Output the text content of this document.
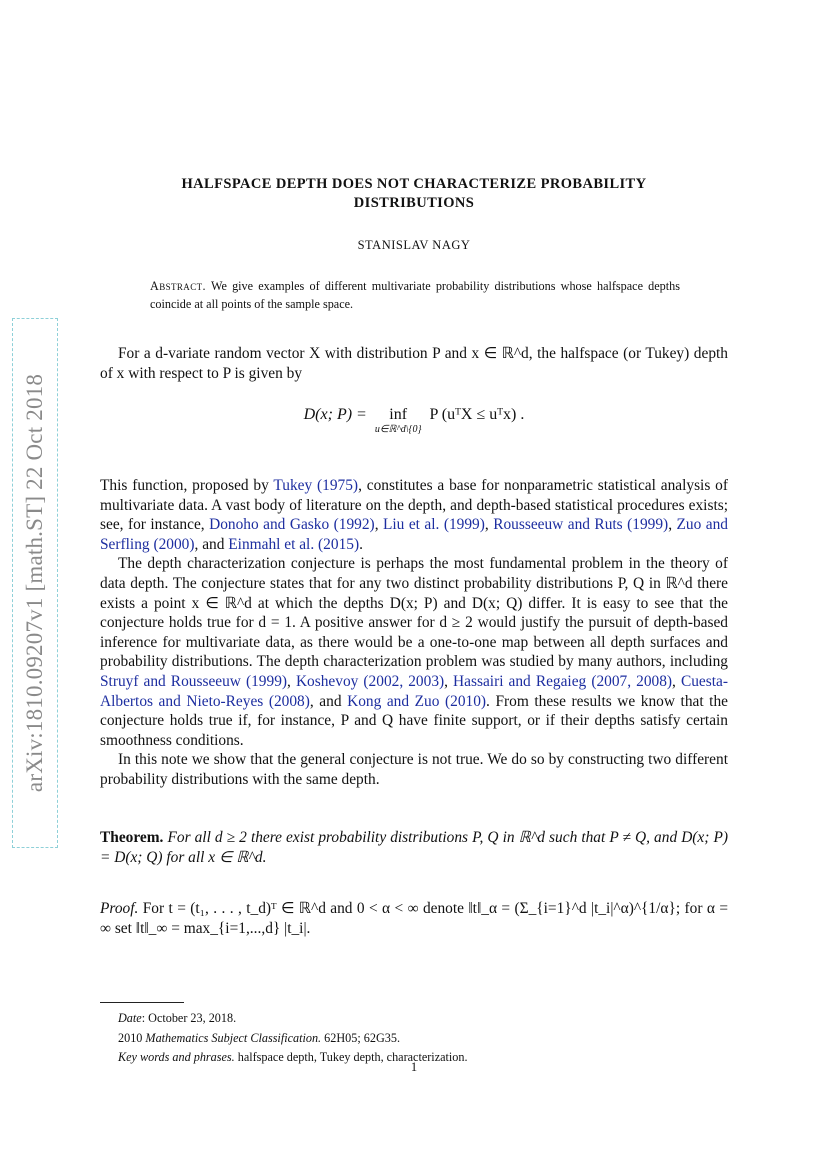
arXiv:1810.09207v1 [math.ST] 22 Oct 2018
HALFSPACE DEPTH DOES NOT CHARACTERIZE PROBABILITY
DISTRIBUTIONS
STANISLAV NAGY
Abstract. We give examples of different multivariate probability distributions whose halfspace depths coincide at all points of the sample space.

For a d-variate random vector X with distribution P and x ∈ ℝ^d, the halfspace (or Tukey) depth of x with respect to P is given by

D(x; P) = inf
u∈ℝ^d\{0}
P (uᵀX ≤ uᵀx) .

This function, proposed by Tukey (1975), constitutes a base for nonparametric statistical analysis of multivariate data. A vast body of literature on the depth, and depth-based statistical procedures exists; see, for instance, Donoho and Gasko (1992), Liu et al. (1999), Rousseeuw and Ruts (1999), Zuo and Serfling (2000), and Einmahl et al. (2015).

The depth characterization conjecture is perhaps the most fundamental problem in the theory of data depth. The conjecture states that for any two distinct probability distributions P, Q in ℝ^d there exists a point x ∈ ℝ^d at which the depths D(x; P) and D(x; Q) differ. It is easy to see that the conjecture holds true for d = 1. A positive answer for d ≥ 2 would justify the pursuit of depth-based inference for multivariate data, as there would be a one-to-one map between all depth surfaces and probability distributions. The depth characterization problem was studied by many authors, including Struyf and Rousseeuw (1999), Koshevoy (2002, 2003), Hassairi and Regaieg (2007, 2008), Cuesta-Albertos and Nieto-Reyes (2008), and Kong and Zuo (2010). From these results we know that the conjecture holds true if, for instance, P and Q have finite support, or if their depths satisfy certain smoothness conditions.

In this note we show that the general conjecture is not true. We do so by constructing two different probability distributions with the same depth.

Theorem. For all d ≥ 2 there exist probability distributions P, Q in ℝ^d such that P ≠ Q, and D(x; P) = D(x; Q) for all x ∈ ℝ^d.

Proof. For t = (t₁, . . . , t_d)ᵀ ∈ ℝ^d and 0 < α < ∞ denote ‖t‖_α = (Σ_{i=1}^d |t_i|^α)^{1/α}; for α = ∞ set ‖t‖_∞ = max_{i=1,...,d} |t_i|.

Date: October 23, 2018.
2010 Mathematics Subject Classification. 62H05; 62G35.
Key words and phrases. halfspace depth, Tukey depth, characterization.
1
